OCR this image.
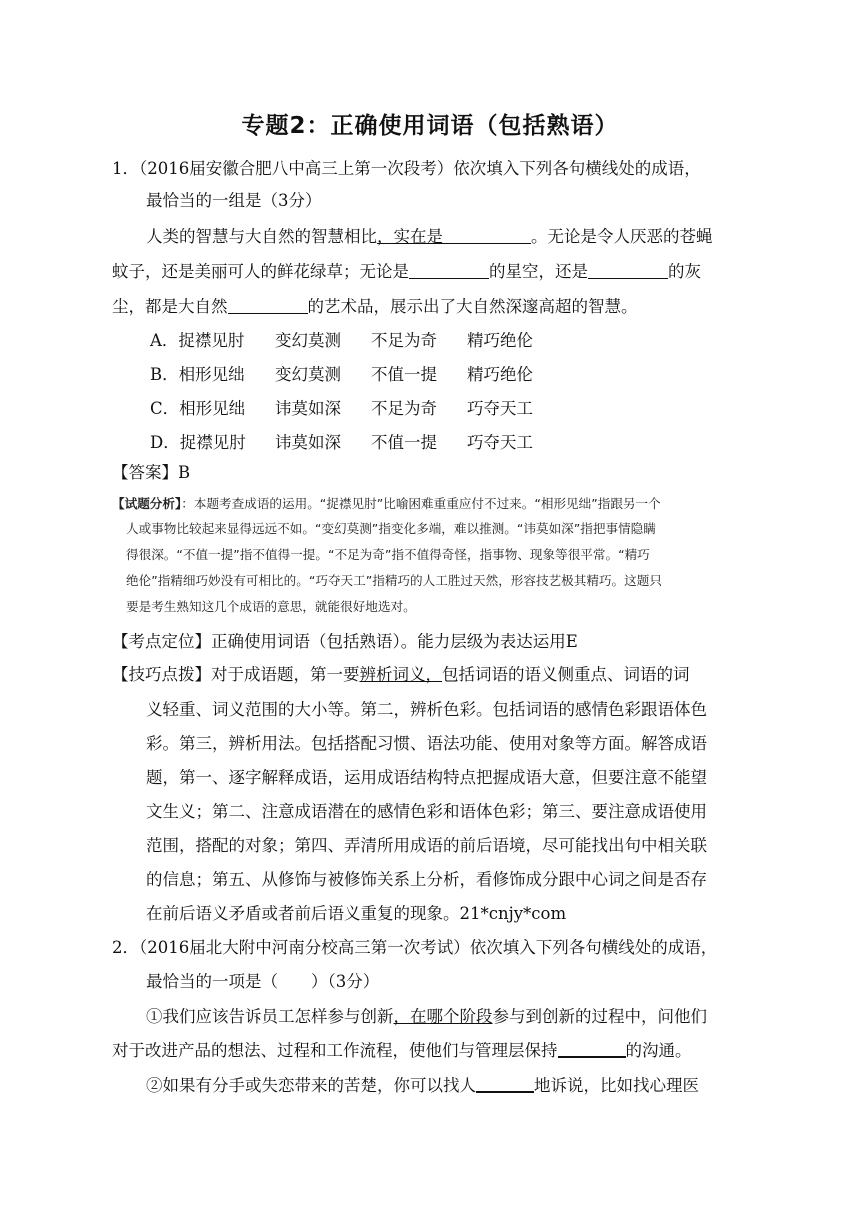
专题2：正确使用词语（包括熟语）
1．（2016届安徽合肥八中高三上第一次段考）依次填入下列各句横线处的成语，
最恰当的一组是（3分）
人类的智慧与大自然的智慧相比，实在是	。无论是令人厌恶的苍蝇
蚊子，还是美丽可人的鲜花绿草；无论是	的星空，还是	的灰
尘，都是大自然	的艺术品，展示出了大自然深邃高超的智慧。
A．捉襟见肘 变幻莫测 不足为奇 精巧绝伦
B．相形见绌 变幻莫测 不值一提 精巧绝伦
C．相形见绌 讳莫如深 不足为奇 巧夺天工
D．捉襟见肘 讳莫如深 不值一提 巧夺天工
【答案】B
【试题分析】：本题考查成语的运用。“捉襟见肘”比喻困难重重应付不过来。“相形见绌”指跟另一个
人或事物比较起来显得远远不如。“变幻莫测”指变化多端，难以推测。“讳莫如深”指把事情隐瞒
得很深。“不值一提”指不值得一提。“不足为奇”指不值得奇怪，指事物、现象等很平常。“精巧
绝伦”指精细巧妙没有可相比的。“巧夺天工”指精巧的人工胜过天然，形容技艺极其精巧。这题只
要是考生熟知这几个成语的意思，就能很好地选对。
【考点定位】正确使用词语（包括熟语）。能力层级为表达运用E
【技巧点拨】对于成语题，第一要辨析词义，包括词语的语义侧重点、词语的词
义轻重、词义范围的大小等。第二，辨析色彩。包括词语的感情色彩跟语体色
彩。第三，辨析用法。包括搭配习惯、语法功能、使用对象等方面。解答成语
题，第一、逐字解释成语，运用成语结构特点把握成语大意，但要注意不能望
文生义；第二、注意成语潜在的感情色彩和语体色彩；第三、要注意成语使用
范围，搭配的对象；第四、弄清所用成语的前后语境，尽可能找出句中相关联
的信息；第五、从修饰与被修饰关系上分析，看修饰成分跟中心词之间是否存
在前后语义矛盾或者前后语义重复的现象。21*cnjy*com
2．（2016届北大附中河南分校高三第一次考试）依次填入下列各句横线处的成语，
最恰当的一项是（　　）（3分）
①我们应该告诉员工怎样参与创新，在哪个阶段参与到创新的过程中，问他们
对于改进产品的想法、过程和工作流程，使他们与管理层保持	的沟通。
②如果有分手或失恋带来的苦楚，你可以找人	地诉说，比如找心理医
